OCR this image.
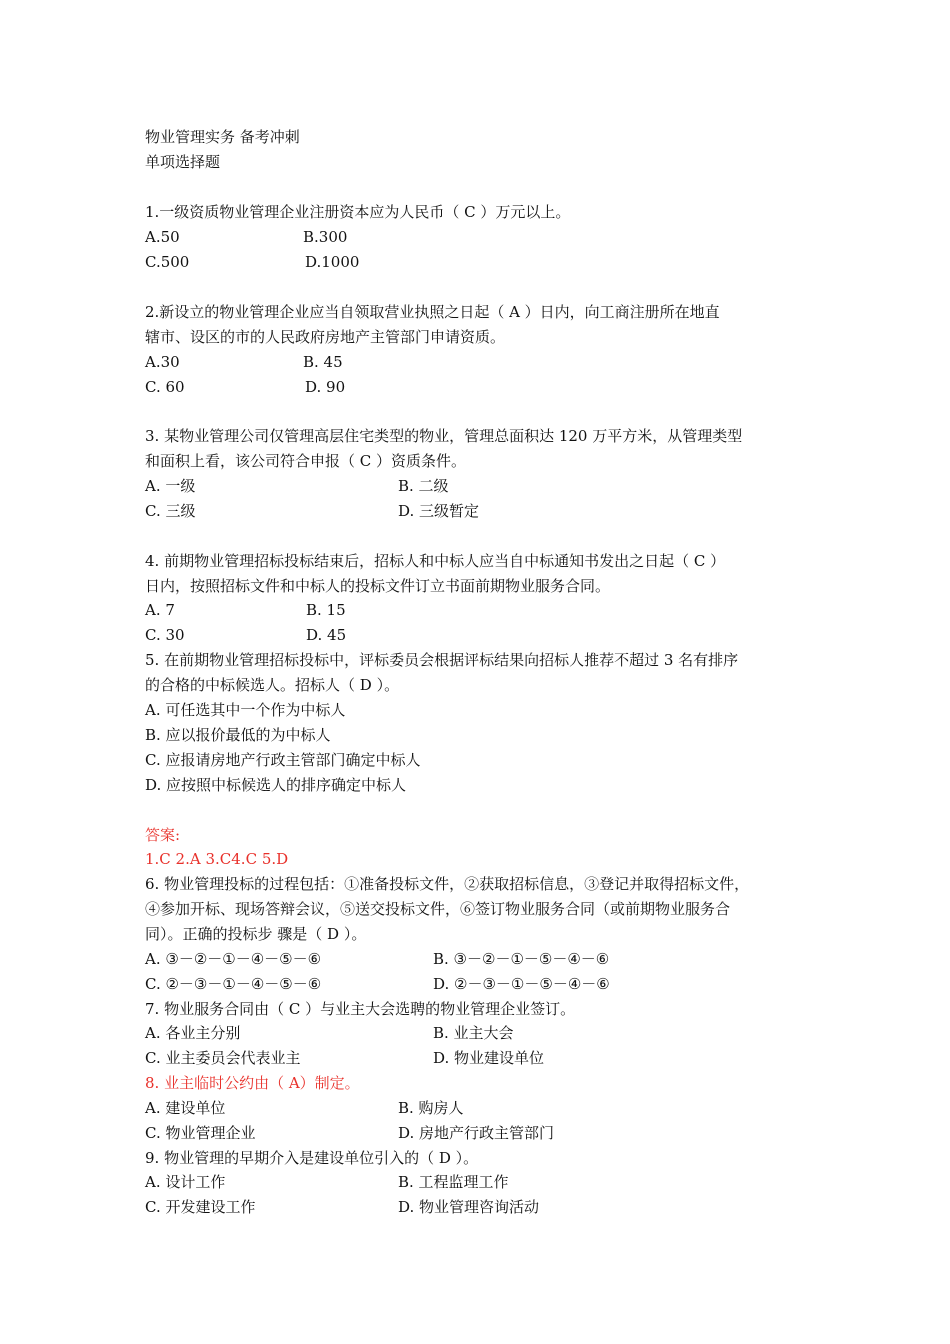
物业管理实务 备考冲刺
单项选择题
1.一级资质物业管理企业注册资本应为人民币（ C ）万元以上。
A.50	B.300
C.500	D.1000
2.新设立的物业管理企业应当自领取营业执照之日起（ A ）日内，向工商注册所在地直
辖市、设区的市的人民政府房地产主管部门申请资质。
A.30	B. 45
C. 60	D. 90
3. 某物业管理公司仅管理高层住宅类型的物业，管理总面积达 120 万平方米，从管理类型
和面积上看，该公司符合申报（ C ）资质条件。
A. 一级	B. 二级
C. 三级	D. 三级暂定
4. 前期物业管理招标投标结束后，招标人和中标人应当自中标通知书发出之日起（ C ）
日内，按照招标文件和中标人的投标文件订立书面前期物业服务合同。
A. 7	B. 15
C. 30	D. 45
5. 在前期物业管理招标投标中，评标委员会根据评标结果向招标人推荐不超过 3 名有排序
的合格的中标候选人。招标人（ D ）。
A. 可任选其中一个作为中标人
B. 应以报价最低的为中标人
C. 应报请房地产行政主管部门确定中标人
D. 应按照中标候选人的排序确定中标人
答案:
1.C 2.A 3.C4.C 5.D
6. 物业管理投标的过程包括：①准备投标文件，②获取招标信息，③登记并取得招标文件，
④参加开标、现场答辩会议，⑤送交投标文件，⑥签订物业服务合同（或前期物业服务合
同）。正确的投标步 骤是（ D ）。
A. ③－②－①－④－⑤－⑥	B. ③－②－①－⑤－④－⑥
C. ②－③－①－④－⑤－⑥	D. ②－③－①－⑤－④－⑥
7. 物业服务合同由（ C ）与业主大会选聘的物业管理企业签订。
A. 各业主分别	B. 业主大会
C. 业主委员会代表业主	D. 物业建设单位
8. 业主临时公约由（ A）制定。
A. 建设单位	B. 购房人
C. 物业管理企业	D. 房地产行政主管部门
9. 物业管理的早期介入是建设单位引入的（ D ）。
A. 设计工作	B. 工程监理工作
C. 开发建设工作	D. 物业管理咨询活动
